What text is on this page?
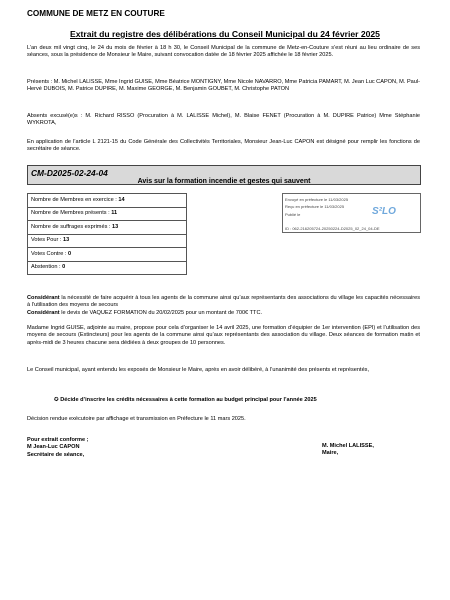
COMMUNE DE METZ EN COUTURE
Extrait du registre des délibérations du Conseil Municipal du 24 février 2025

L’an deux mil vingt cinq, le 24 du mois de février à 18 h 30, le Conseil Municipal de la commune de Metz-en-Couture s’est réuni au lieu ordinaire de ses séances, sous la présidence de Monsieur le Maire, suivant convocation datée de 18 février 2025 affichée le 18 février 2025.

Présents : M. Michel LALISSE, Mme Ingrid GUISE, Mme Béatrice MONTIGNY, Mme Nicole NAVARRO, Mme Patricia PAMART, M. Jean Luc CAPON, M. Paul-Hervé DUBOIS, M. Patrice DUPIRE, M. Maxime GEORGE, M. Benjamin GOUBET, M. Christophe PATON

Absents excusé(e)s : M. Richard RISSO (Procuration à M. LALISSE Michel), M. Blaise FENET (Procuration à M. DUPIRE Patrice) Mme Stéphanie WYKROTA,

En application de l’article L 2121-15 du Code Générale des Collectivités Territoriales, Monsieur Jean-Luc CAPON est désigné pour remplir les fonctions de secrétaire de séance.

CM-D2025-02-24-04
Avis sur la formation incendie et gestes qui sauvent
Nombre de Membres en exercice : 14
Nombre de Membres présents : 11
Nombre de suffrages exprimés : 13
Votes Pour : 13
Votes Contre : 0
Abstention : 0
Envoyé en préfecture le 11/03/2025
Reçu en préfecture le 11/03/2025
Publié le	S²LO
ID : 062-216205724-20250224-D2025_02_24_04-DE

Considérant la nécessité de faire acquérir à tous les agents de la commune ainsi qu’aux représentants des associations du village les capacités nécessaires à l’utilisation des moyens de secours
Considérant le devis de VAQUEZ FORMATION du 20/02/2025 pour un montant de 700€ TTC.

Madame Ingrid GUISE, adjointe au maire, propose pour cela d’organiser le 14 avril 2025, une formation d’équipier de 1er intervention (EPI) et l’utilisation des moyens de secours (Extincteurs) pour les agents de la commune ainsi qu’aux représentants des association du village. Deux séances de formation matin et après-midi de 3 heures chacune sera dédiées à deux groupes de 10 personnes.

Le Conseil municipal, ayant entendu les exposés de Monsieur le Maire, après en avoir délibéré, à l’unanimité des présents et représentés,

✪ Décide d’inscrire les crédits nécessaires à cette formation au budget principal pour l’année 2025

Décision rendue exécutoire par affichage et transmission en Préfecture le 11 mars 2025.

Pour extrait conforme ;
M Jean-Luc CAPON
Secrétaire de séance,
M. Michel LALISSE,
Maire,
